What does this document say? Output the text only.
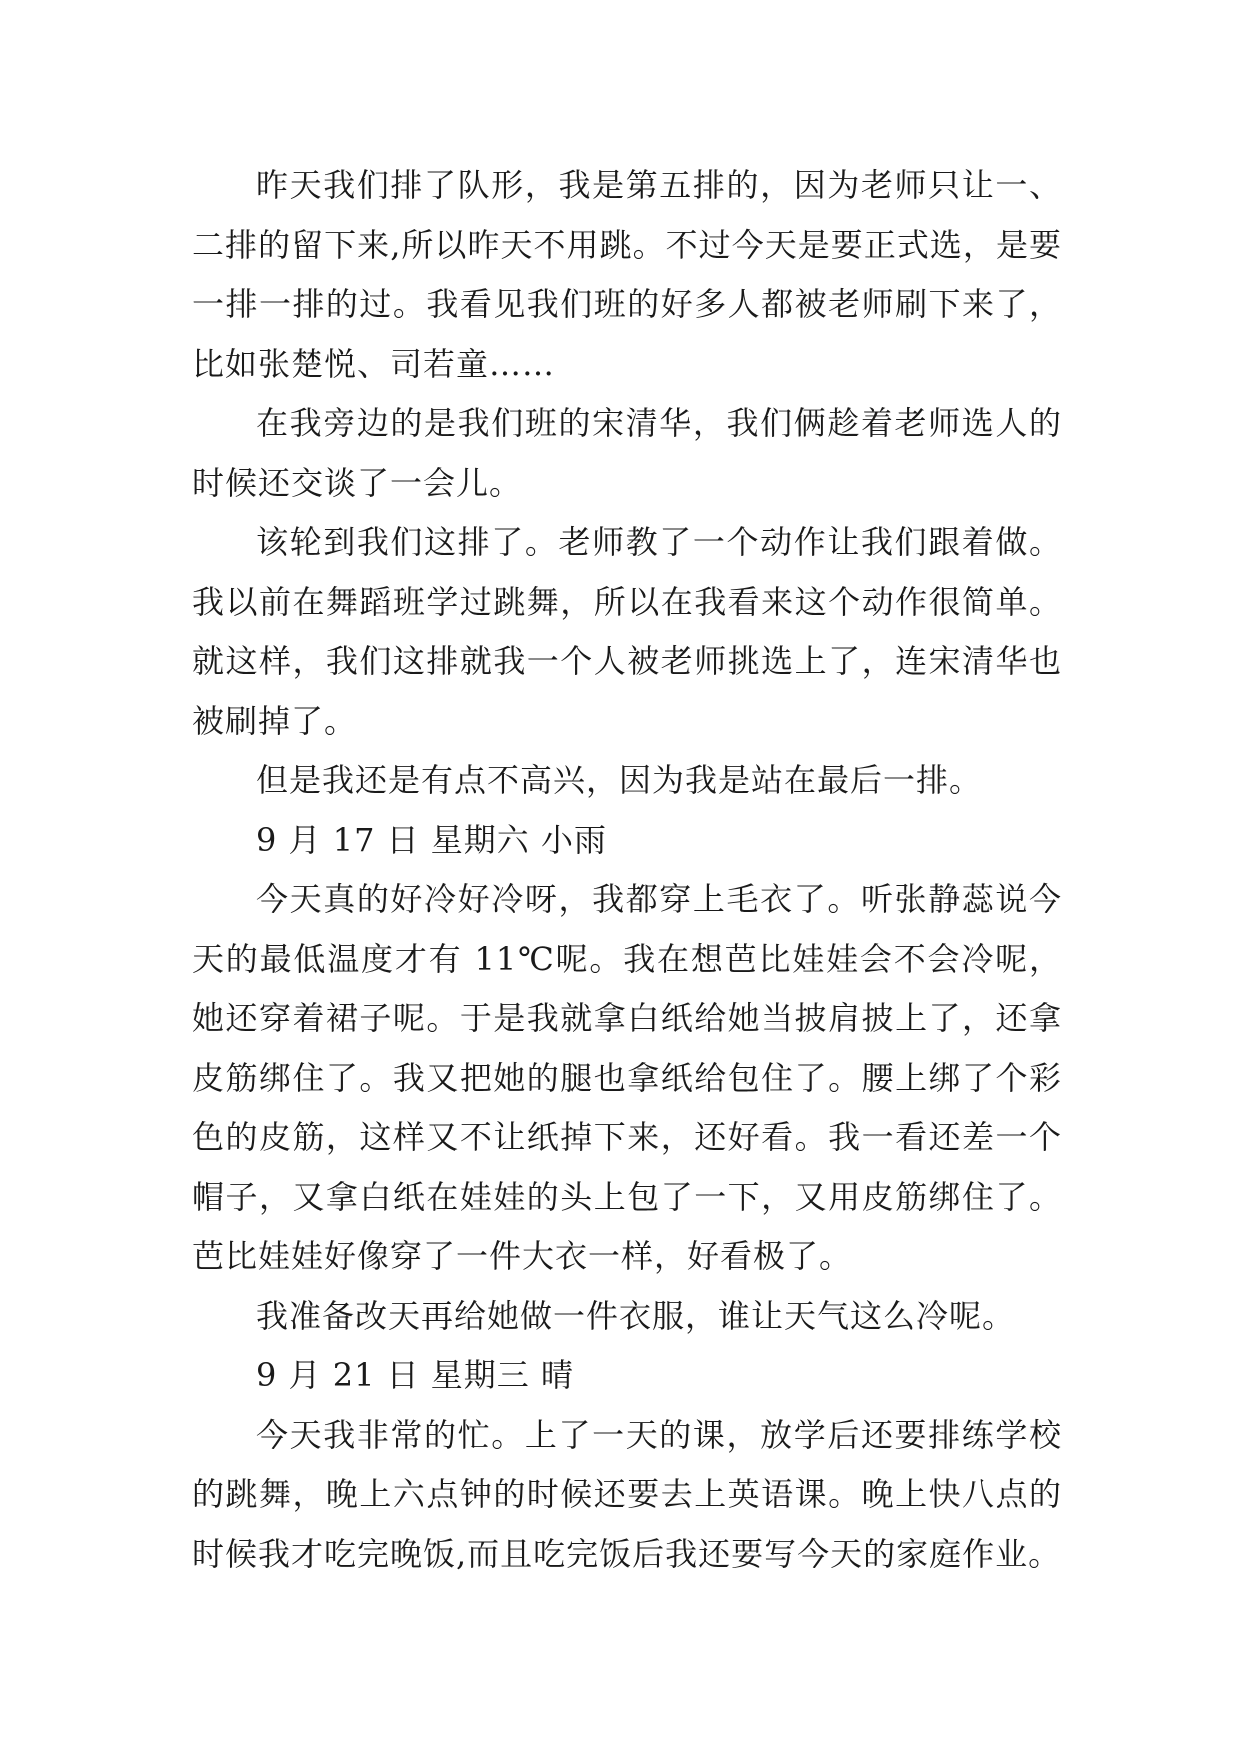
昨天我们排了队形，我是第五排的，因为老师只让一、二排的留下来,所以昨天不用跳。不过今天是要正式选，是要一排一排的过。我看见我们班的好多人都被老师刷下来了，比如张楚悦、司若童……

在我旁边的是我们班的宋清华，我们俩趁着老师选人的时候还交谈了一会儿。

该轮到我们这排了。老师教了一个动作让我们跟着做。我以前在舞蹈班学过跳舞，所以在我看来这个动作很简单。就这样，我们这排就我一个人被老师挑选上了，连宋清华也被刷掉了。

但是我还是有点不高兴，因为我是站在最后一排。

9 月 17 日 星期六 小雨

今天真的好冷好冷呀，我都穿上毛衣了。听张静蕊说今天的最低温度才有 11℃呢。我在想芭比娃娃会不会冷呢，她还穿着裙子呢。于是我就拿白纸给她当披肩披上了，还拿皮筋绑住了。我又把她的腿也拿纸给包住了。腰上绑了个彩色的皮筋，这样又不让纸掉下来，还好看。我一看还差一个帽子，又拿白纸在娃娃的头上包了一下，又用皮筋绑住了。芭比娃娃好像穿了一件大衣一样，好看极了。

我准备改天再给她做一件衣服，谁让天气这么冷呢。

9 月 21 日 星期三 晴

今天我非常的忙。上了一天的课，放学后还要排练学校的跳舞，晚上六点钟的时候还要去上英语课。晚上快八点的时候我才吃完晚饭,而且吃完饭后我还要写今天的家庭作业。
